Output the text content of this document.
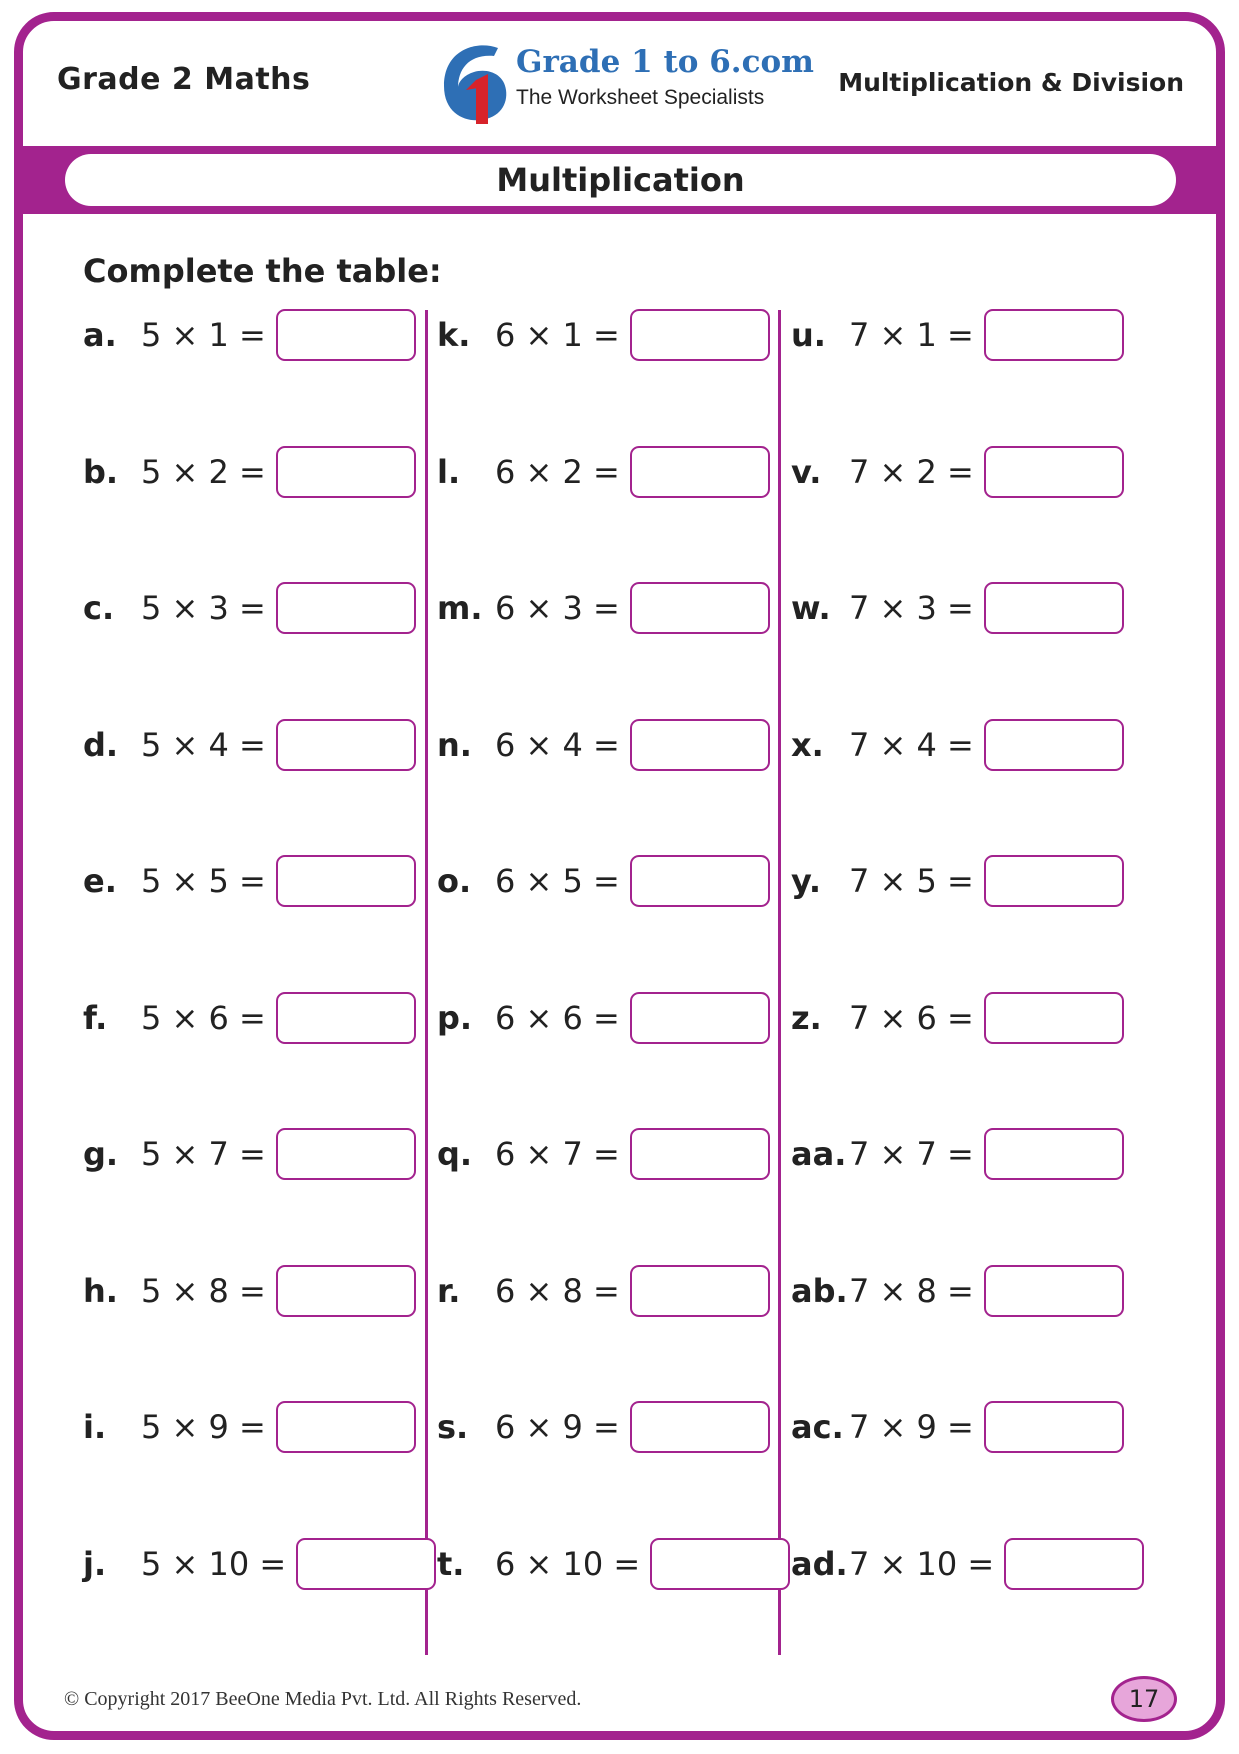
Grade 2 Maths	Grade 1 to 6.com
The Worksheet Specialists
Multiplication & Division
Multiplication
Complete the table:
a. 5 × 1 =
b. 5 × 2 =
c. 5 × 3 =
d. 5 × 4 =
e. 5 × 5 =
f.	5 × 6 =
g. 5 × 7 =
h. 5 × 8 =
i.	5 × 9 =
j.	5 × 10 =
k. 6 × 1 =
l.	6 × 2 =
m. 6 × 3 =
n. 6 × 4 =
o. 6 × 5 =
p. 6 × 6 =
q. 6 × 7 =
r.	6 × 8 =
s. 6 × 9 =
t. 6 × 10 =
u. 7 × 1 =
v. 7 × 2 =
w. 7 × 3 =
x. 7 × 4 =
y. 7 × 5 =
z. 7 × 6 =
aa. 7 × 7 =
ab. 7 × 8 =
ac. 7 × 9 =
ad. 7 × 10 =
© Copyright 2017 BeeOne Media Pvt. Ltd. All Rights Reserved.	17
